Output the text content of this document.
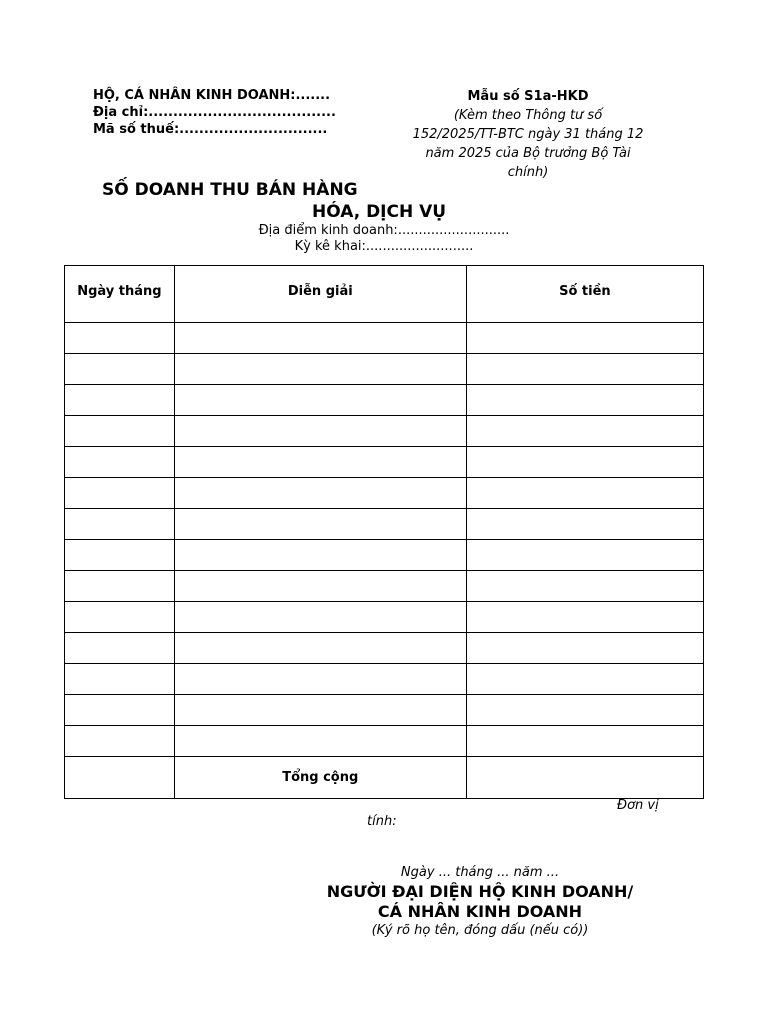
HỘ, CÁ NHÂN KINH DOANH:.......
Địa chỉ:......................................
Mã số thuế:..............................
Mẫu số S1a-HKD
(Kèm theo Thông tư số
152/2025/TT-BTC ngày 31 tháng 12
năm 2025 của Bộ trưởng Bộ Tài
chính)
SỐ DOANH THU BÁN HÀNG
HÓA, DỊCH VỤ
Địa điểm kinh doanh:...........................
Kỳ kê khai:..........................
Ngày tháng	Diễn giải	Số tiền

	Tổng cộng	
Đơn vị
tính:
Ngày ... tháng ... năm ...
NGƯỜI ĐẠI DIỆN HỘ KINH DOANH/
CÁ NHÂN KINH DOANH
(Ký rõ họ tên, đóng dấu (nếu có))
